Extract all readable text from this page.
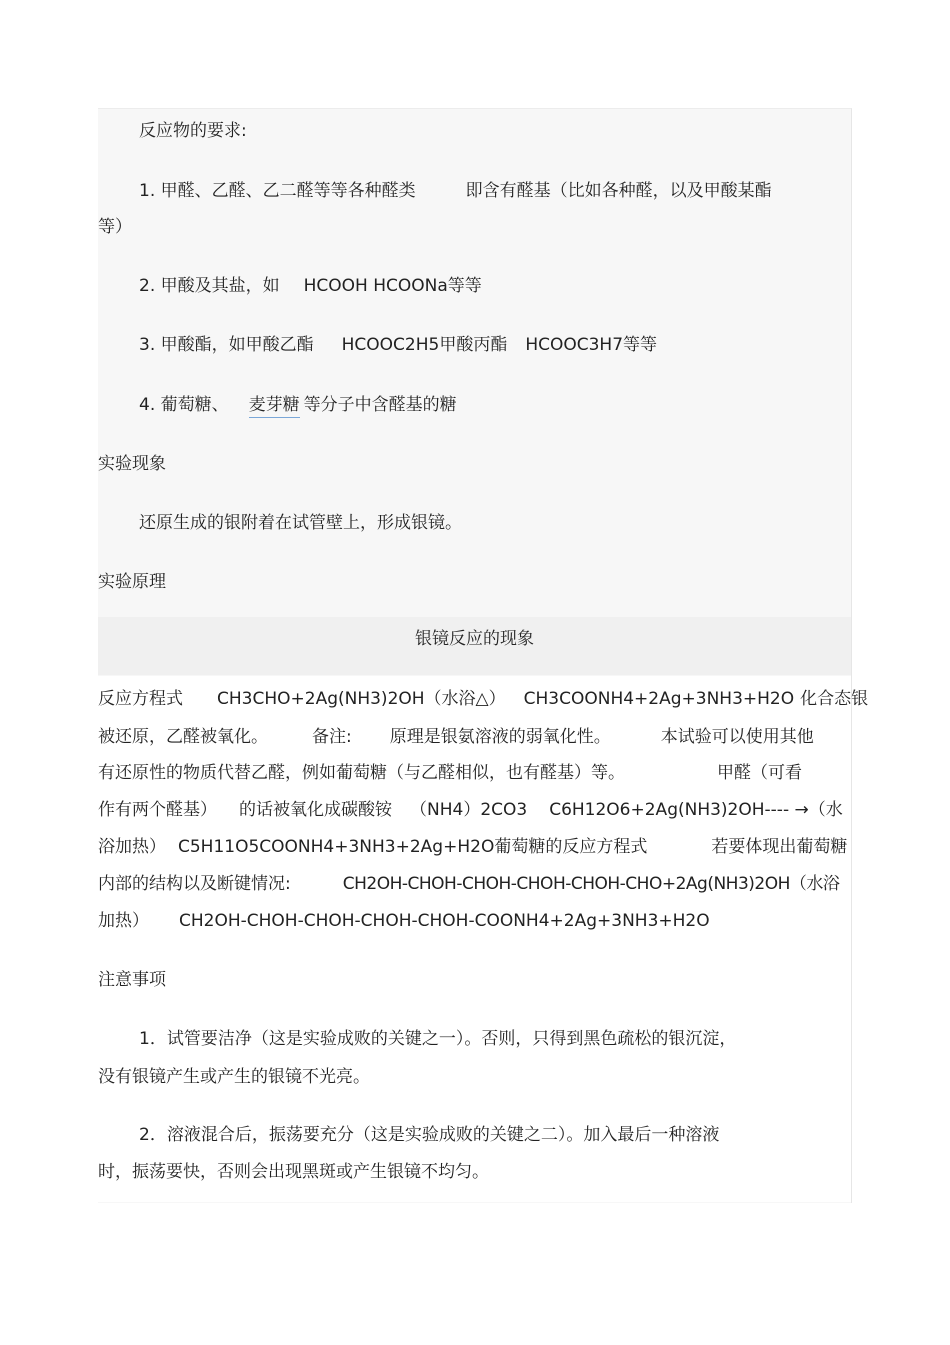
反应物的要求:
1. 甲醛、乙醛、乙二醛等等各种醛类	即含有醛基（比如各种醛，以及甲酸某酯
等）
2. 甲酸及其盐，如 HCOOH HCOONa等等
3. 甲酸酯，如甲酸乙酯 HCOOC2H5甲酸丙酯 HCOOC3H7等等
4. 葡萄糖、 麦芽糖 等分子中含醛基的糖
实验现象
还原生成的银附着在试管壁上，形成银镜。
实验原理
银镜反应的现象
反应方程式 CH3CHO+2Ag(NH3)2OH（水浴△） CH3COONH4+2Ag+3NH3+H2O 化合态银
被还原，乙醛被氧化。	备注: 原理是银氨溶液的弱氧化性。	本试验可以使用其他
有还原性的物质代替乙醛，例如葡萄糖（与乙醛相似，也有醛基）等。	甲醛（可看
作有两个醛基） 的话被氧化成碳酸铵 （NH4）2CO3 C6H12O6+2Ag(NH3)2OH---- →（水
浴加热） C5H11O5COONH4+3NH3+2Ag+H2O葡萄糖的反应方程式	若要体现出葡萄糖
内部的结构以及断键情况:	CH2OH-CHOH-CHOH-CHOH-CHOH-CHO+2Ag(NH3)2OH（水浴
加热） CH2OH-CHOH-CHOH-CHOH-CHOH-COONH4+2Ag+3NH3+H2O
注意事项
1．试管要洁净（这是实验成败的关键之一）。否则，只得到黑色疏松的银沉淀，
没有银镜产生或产生的银镜不光亮。
2．溶液混合后，振荡要充分（这是实验成败的关键之二）。加入最后一种溶液
时，振荡要快，否则会出现黑斑或产生银镜不均匀。
